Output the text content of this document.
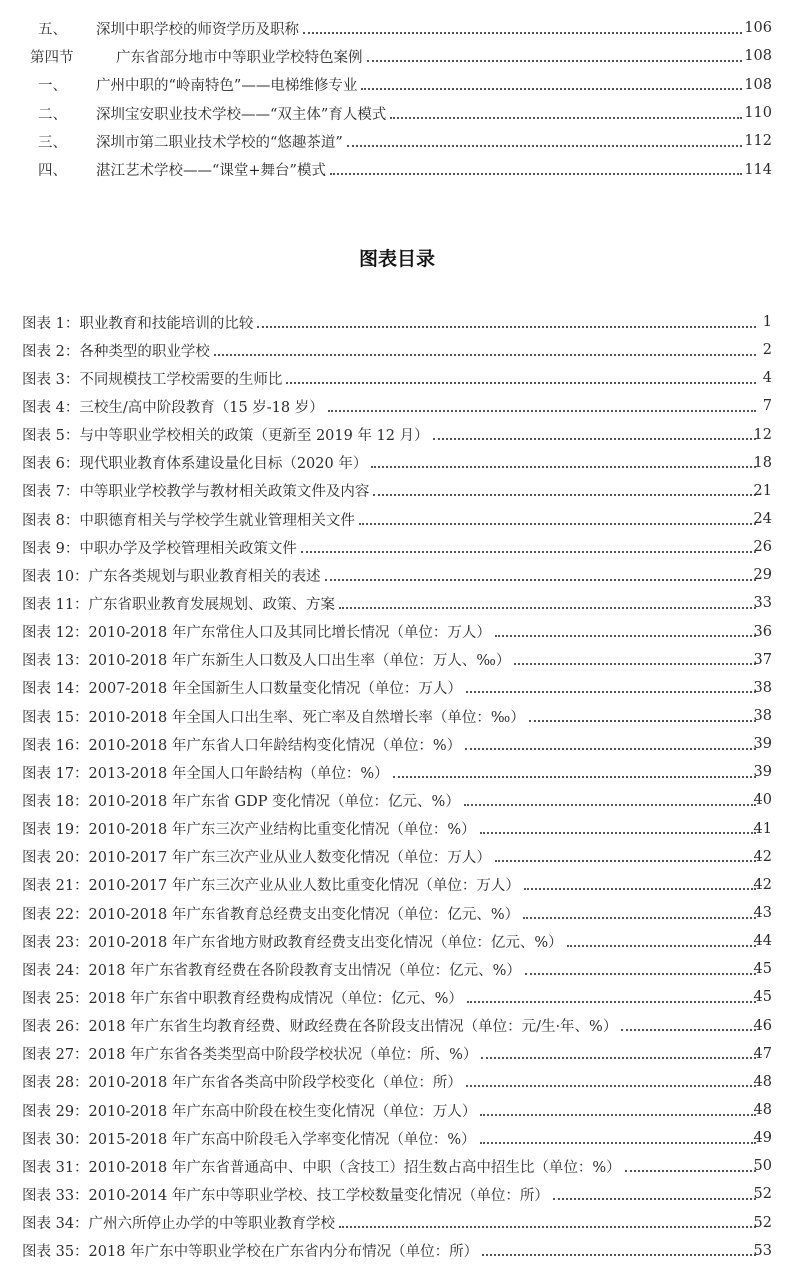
五、	深圳中职学校的师资学历及职称	106
第四节	广东省部分地市中等职业学校特色案例	108
一、	广州中职的“岭南特色”——电梯维修专业	108
二、	深圳宝安职业技术学校——“双主体”育人模式	110
三、	深圳市第二职业技术学校的“悠趣茶道”	112
四、	湛江艺术学校——“课堂+舞台”模式	114
图表目录
图表 1：职业教育和技能培训的比较	1
图表 2：各种类型的职业学校	2
图表 3：不同规模技工学校需要的生师比	4
图表 4：三校生/高中阶段教育（15 岁-18 岁）	7
图表 5：与中等职业学校相关的政策（更新至 2019 年 12 月）	12
图表 6：现代职业教育体系建设量化目标（2020 年）	18
图表 7：中等职业学校教学与教材相关政策文件及内容	21
图表 8：中职德育相关与学校学生就业管理相关文件	24
图表 9：中职办学及学校管理相关政策文件	26
图表 10：广东各类规划与职业教育相关的表述	29
图表 11：广东省职业教育发展规划、政策、方案	33
图表 12：2010-2018 年广东常住人口及其同比增长情况（单位：万人）	36
图表 13：2010-2018 年广东新生人口数及人口出生率（单位：万人、‰）	37
图表 14：2007-2018 年全国新生人口数量变化情况（单位：万人）	38
图表 15：2010-2018 年全国人口出生率、死亡率及自然增长率（单位：‰）	38
图表 16：2010-2018 年广东省人口年龄结构变化情况（单位：%）	39
图表 17：2013-2018 年全国人口年龄结构（单位：%）	39
图表 18：2010-2018 年广东省 GDP 变化情况（单位：亿元、%）	40
图表 19：2010-2018 年广东三次产业结构比重变化情况（单位：%）	41
图表 20：2010-2017 年广东三次产业从业人数变化情况（单位：万人）	42
图表 21：2010-2017 年广东三次产业从业人数比重变化情况（单位：万人）	42
图表 22：2010-2018 年广东省教育总经费支出变化情况（单位：亿元、%）	43
图表 23：2010-2018 年广东省地方财政教育经费支出变化情况（单位：亿元、%）	44
图表 24：2018 年广东省教育经费在各阶段教育支出情况（单位：亿元、%）	45
图表 25：2018 年广东省中职教育经费构成情况（单位：亿元、%）	45
图表 26：2018 年广东省生均教育经费、财政经费在各阶段支出情况（单位：元/生·年、%）	46
图表 27：2018 年广东省各类类型高中阶段学校状况（单位：所、%）	47
图表 28：2010-2018 年广东省各类高中阶段学校变化（单位：所）	48
图表 29：2010-2018 年广东高中阶段在校生变化情况（单位：万人）	48
图表 30：2015-2018 年广东高中阶段毛入学率变化情况（单位：%）	49
图表 31：2010-2018 年广东省普通高中、中职（含技工）招生数占高中招生比（单位：%）	50
图表 33：2010-2014 年广东中等职业学校、技工学校数量变化情况（单位：所）	52
图表 34：广州六所停止办学的中等职业教育学校	52
图表 35：2018 年广东中等职业学校在广东省内分布情况（单位：所）	53
